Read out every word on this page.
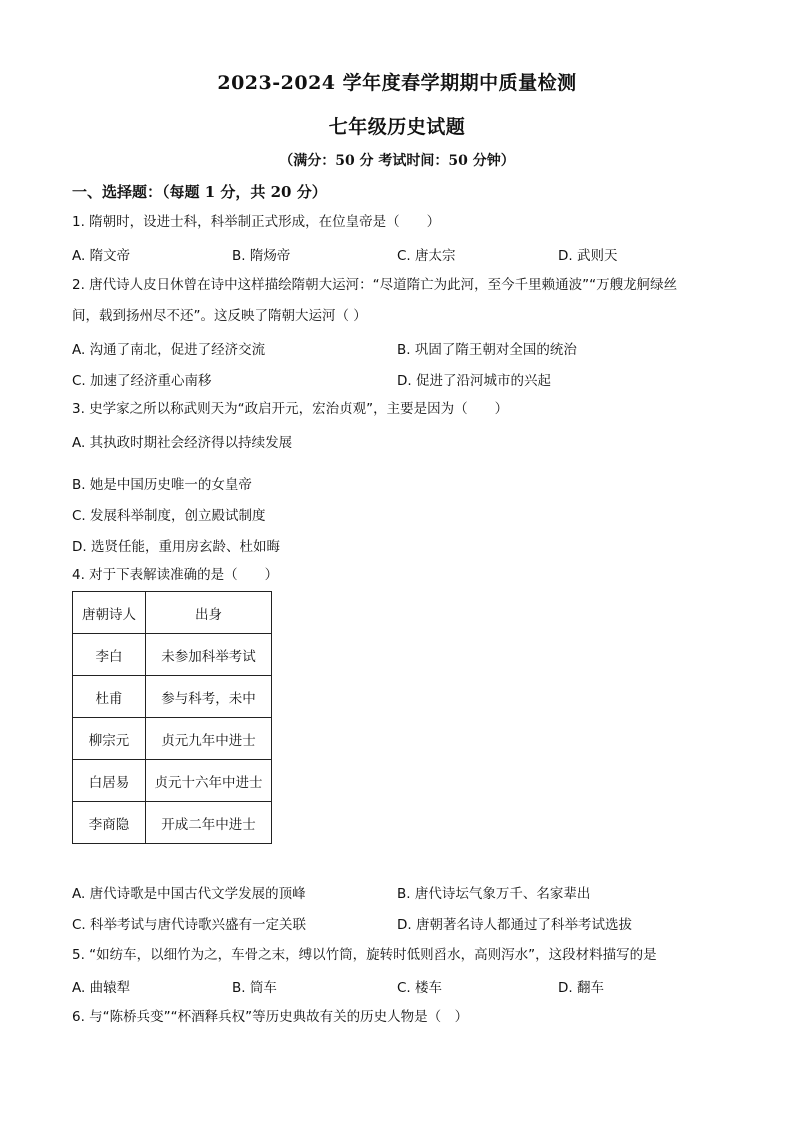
2023-2024 学年度春学期期中质量检测
七年级历史试题
（满分：50 分 考试时间：50 分钟）
一、选择题：（每题 1 分，共 20 分）
1. 隋朝时，设进士科，科举制正式形成，在位皇帝是（　　）
A. 隋文帝	B. 隋炀帝	C. 唐太宗	D. 武则天
2. 唐代诗人皮日休曾在诗中这样描绘隋朝大运河：“尽道隋亡为此河，至今千里赖通波”“万艘龙舸绿丝
间，载到扬州尽不还”。这反映了隋朝大运河（ ）
A. 沟通了南北，促进了经济交流	B. 巩固了隋王朝对全国的统治
C. 加速了经济重心南移	D. 促进了沿河城市的兴起
3. 史学家之所以称武则天为“政启开元，宏治贞观”，主要是因为（　　）
A. 其执政时期社会经济得以持续发展
B. 她是中国历史唯一的女皇帝
C. 发展科举制度，创立殿试制度
D. 选贤任能，重用房玄龄、杜如晦
4. 对于下表解读准确的是（　　）
唐朝诗人	出身
李白	未参加科举考试
杜甫	参与科考，未中
柳宗元	贞元九年中进士
白居易	贞元十六年中进士
李商隐	开成二年中进士
A. 唐代诗歌是中国古代文学发展的顶峰	B. 唐代诗坛气象万千、名家辈出
C. 科举考试与唐代诗歌兴盛有一定关联	D. 唐朝著名诗人都通过了科举考试选拔
5. “如纺车，以细竹为之，车骨之末，缚以竹筒，旋转时低则舀水，高则泻水”，这段材料描写的是
A. 曲辕犁	B. 筒车	C. 楼车	D. 翻车
6. 与“陈桥兵变”“杯酒释兵权”等历史典故有关的历史人物是（　）
